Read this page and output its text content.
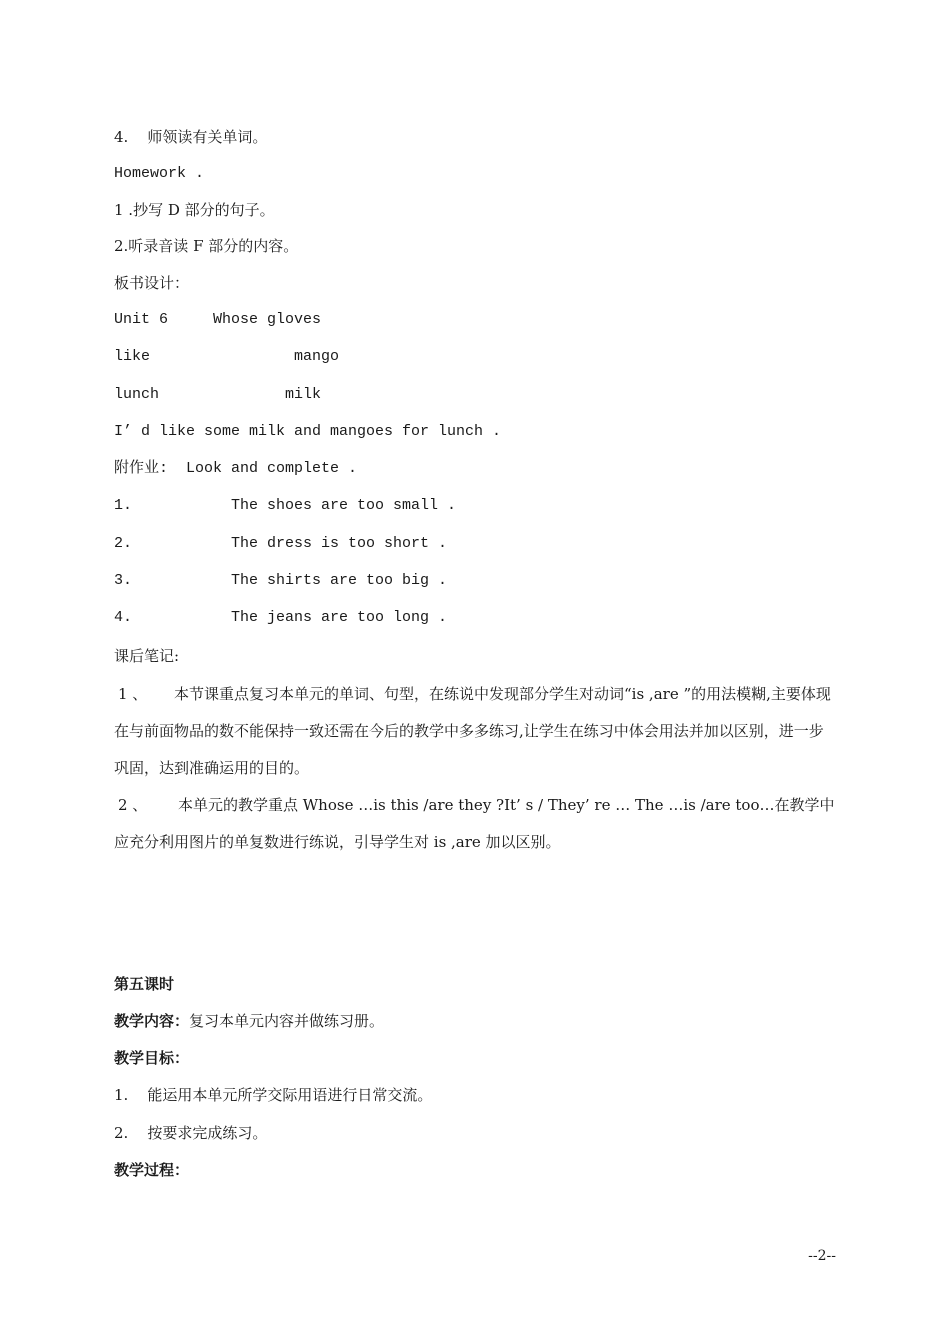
4.    师领读有关单词。
Homework .
1 .抄写 D 部分的句子。
2.听录音读 F 部分的内容。
板书设计：
Unit 6     Whose gloves
like                mango
lunch              milk
I’ d like some milk and mangoes for lunch .
附作业:  Look and complete .
1.           The shoes are too small .
2.           The dress is too short .
3.           The shirts are too big .
4.           The jeans are too long .
课后笔记:
1 、 本节课重点复习本单元的单词、句型，在练说中发现部分学生对动词“is ,are ”的用法模糊,主要体现在与前面物品的数不能保持一致还需在今后的教学中多多练习,让学生在练习中体会用法并加以区别，进一步巩固，达到准确运用的目的。
2 、 本单元的教学重点 Whose …is this /are they ?It’ s / They’ re … The …is /are too…在教学中应充分利用图片的单复数进行练说，引导学生对 is ,are 加以区别。
第五课时
教学内容：复习本单元内容并做练习册。
教学目标：
1.    能运用本单元所学交际用语进行日常交流。
2.    按要求完成练习。
教学过程：
--2--
